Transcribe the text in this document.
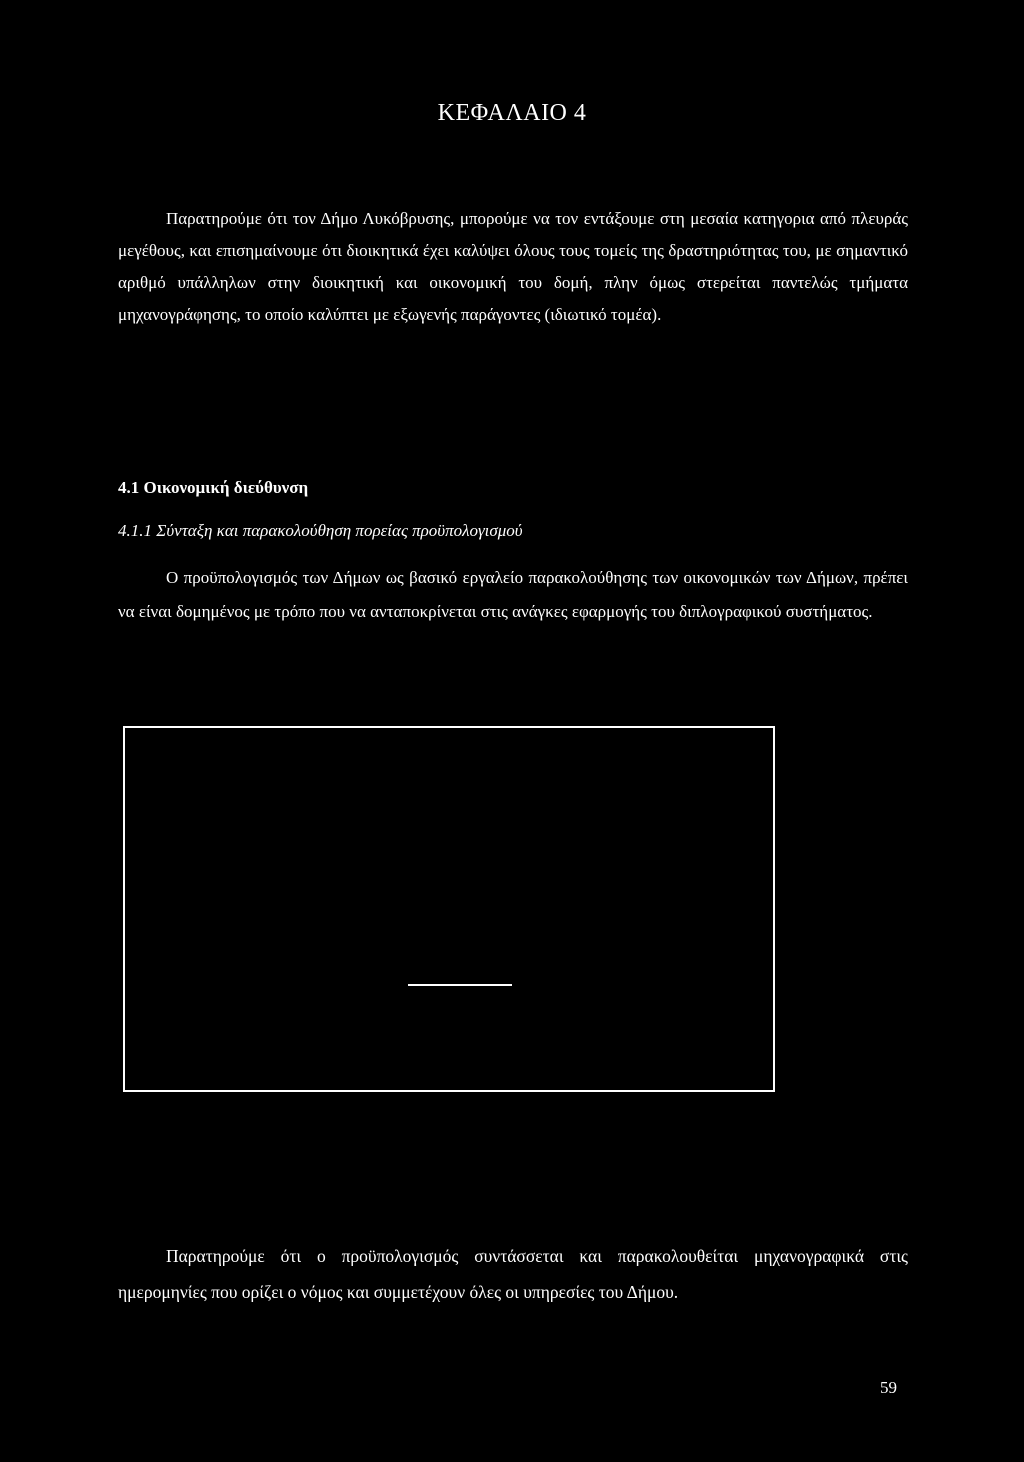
ΚΕΦΑΛΑΙΟ 4
Παρατηρούμε ότι τον Δήμο Λυκόβρυσης, μπορούμε να τον εντάξουμε στη μεσαία κατηγορια από πλευράς μεγέθους, και επισημαίνουμε ότι διοικητικά έχει καλύψει όλους τους τομείς της δραστηριότητας του, με σημαντικό αριθμό υπάλληλων στην διοικητική και οικονομική του δομή, πλην όμως στερείται παντελώς τμήματα μηχανογράφησης, το οποίο καλύπτει με εξωγενής παράγοντες (ιδιωτικό τομέα).
4.1 Οικονομική διεύθυνση
4.1.1 Σύνταξη και παρακολούθηση πορείας προϋπολογισμού
Ο προϋπολογισμός των Δήμων ως βασικό εργαλείο παρακολούθησης των οικονομικών των Δήμων, πρέπει να είναι δομημένος με τρόπο που να ανταποκρίνεται στις ανάγκες εφαρμογής του διπλογραφικού συστήματος.
Παρατηρούμε ότι ο προϋπολογισμός συντάσσεται και παρακολουθείται μηχανογραφικά στις ημερομηνίες που ορίζει ο νόμος και συμμετέχουν όλες οι υπηρεσίες του Δήμου.
59
